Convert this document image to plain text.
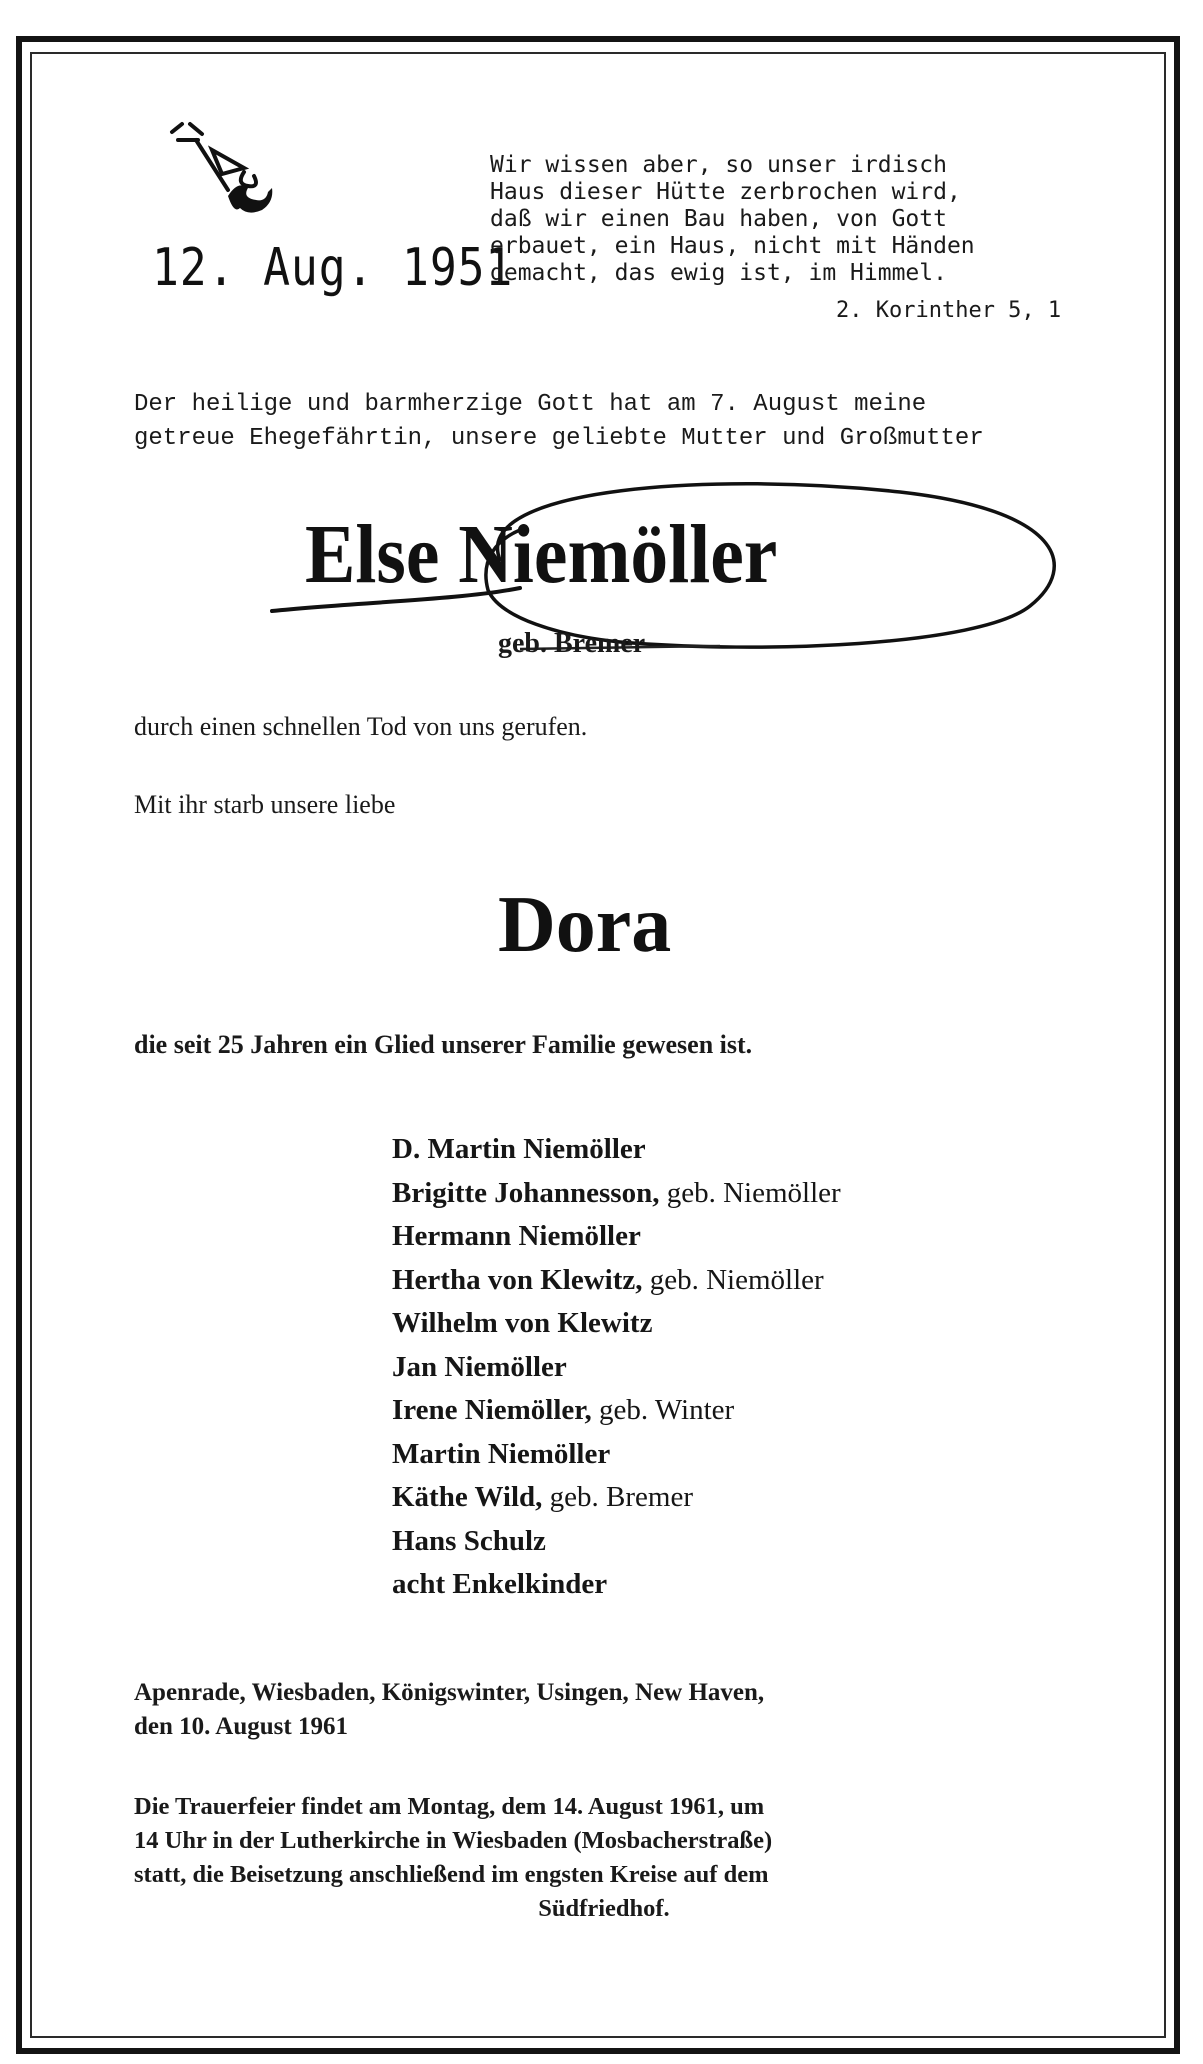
12. Aug. 1951
Wir wissen aber, so unser irdisch
Haus dieser Hütte zerbrochen wird,
daß wir einen Bau haben, von Gott
erbauet, ein Haus, nicht mit Händen
gemacht, das ewig ist, im Himmel.
2. Korinther 5, 1
Der heilige und barmherzige Gott hat am 7. August meine
getreue Ehegefährtin, unsere geliebte Mutter und Großmutter
Else Niemöller
geb. Bremer
durch einen schnellen Tod von uns gerufen.
Mit ihr starb unsere liebe
Dora
die seit 25 Jahren ein Glied unserer Familie gewesen ist.
D. Martin Niemöller
Brigitte Johannesson, geb. Niemöller
Hermann Niemöller
Hertha von Klewitz, geb. Niemöller
Wilhelm von Klewitz
Jan Niemöller
Irene Niemöller, geb. Winter
Martin Niemöller
Käthe Wild, geb. Bremer
Hans Schulz
acht Enkelkinder
Apenrade, Wiesbaden, Königswinter, Usingen, New Haven,
den 10. August 1961
Die Trauerfeier findet am Montag, dem 14. August 1961, um
14 Uhr in der Lutherkirche in Wiesbaden (Mosbacherstraße)
statt, die Beisetzung anschließend im engsten Kreise auf dem
Südfriedhof.
